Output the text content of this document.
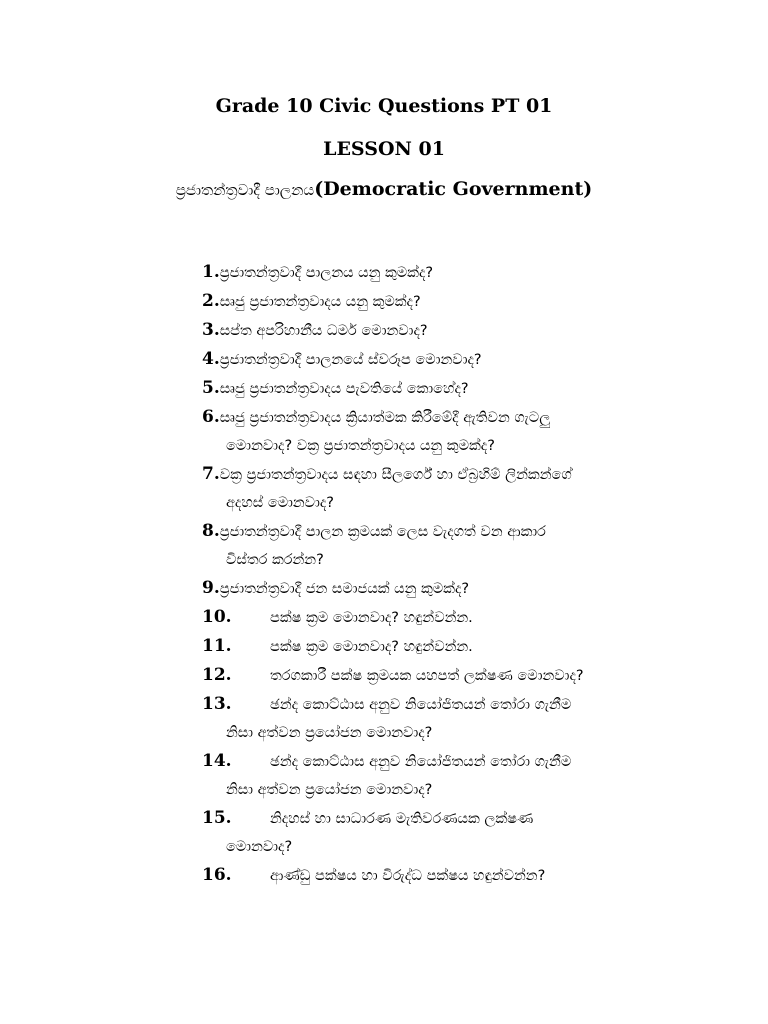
Grade 10 Civic Questions PT 01
LESSON 01

ප්‍රජාතන්ත්‍රවාදී පාලනය(Democratic Government)

1.ප්‍රජාතන්ත්‍රවාදී පාලනය යනු කුමක්ද?
2.සෘජු ප්‍රජාතන්ත්‍රවාදය යනු කුමක්ද?
3.සප්ත අපරිහානීය ධර්ම මොනවාද?
4.ප්‍රජාතන්ත්‍රවාදී පාලනයේ ස්වරූප මොනවාද?
5.සෘජු ප්‍රජාතන්ත්‍රවාදය පැවතියේ කොහේද?
6.සෘජු ප්‍රජාතන්ත්‍රවාදය ක්‍රියාත්මක කිරීමේදී ඇතිවන ගැටලු
මොනවාද? වක්‍ර ප්‍රජාතන්ත්‍රවාදය යනු කුමක්ද?
7.වක්‍ර ප්‍රජාතන්ත්‍රවාදය සඳහා සීලර්ගේ හා ඒබ්‍රහිම් ලින්කන්ගේ
අදහස් මොනවාද?
8.ප්‍රජාතන්ත්‍රවාදී පාලන ක්‍රමයක් ලෙස වැදගත් වන ආකාර
විස්තර කරන්න?
9.ප්‍රජාතන්ත්‍රවාදී ජන සමාජයක් යනු කුමක්ද?
10.	පක්ෂ ක්‍රම මොනවාද? හඳුන්වන්න.
11.	පක්ෂ ක්‍රම මොනවාද? හඳුන්වන්න.
12.	තරගකාරී පක්ෂ ක්‍රමයක යහපත් ලක්ෂණ මොනවාද?
13.	ඡන්ද කොට්ඨාස අනුව නියෝජිතයන් තෝරා ගැනීම
නිසා අත්වන ප්‍රයෝජන මොනවාද?
14.	ඡන්ද කොට්ඨාස අනුව නියෝජිතයන් තෝරා ගැනීම
නිසා අත්වන ප්‍රයෝජන මොනවාද?
15.	නිදහස් හා සාධාරණ මැතිවරණයක ලක්ෂණ
මොනවාද?
16.	ආණ්ඩු පක්ෂය හා විරුද්ධ පක්ෂය හඳුන්වන්න?
